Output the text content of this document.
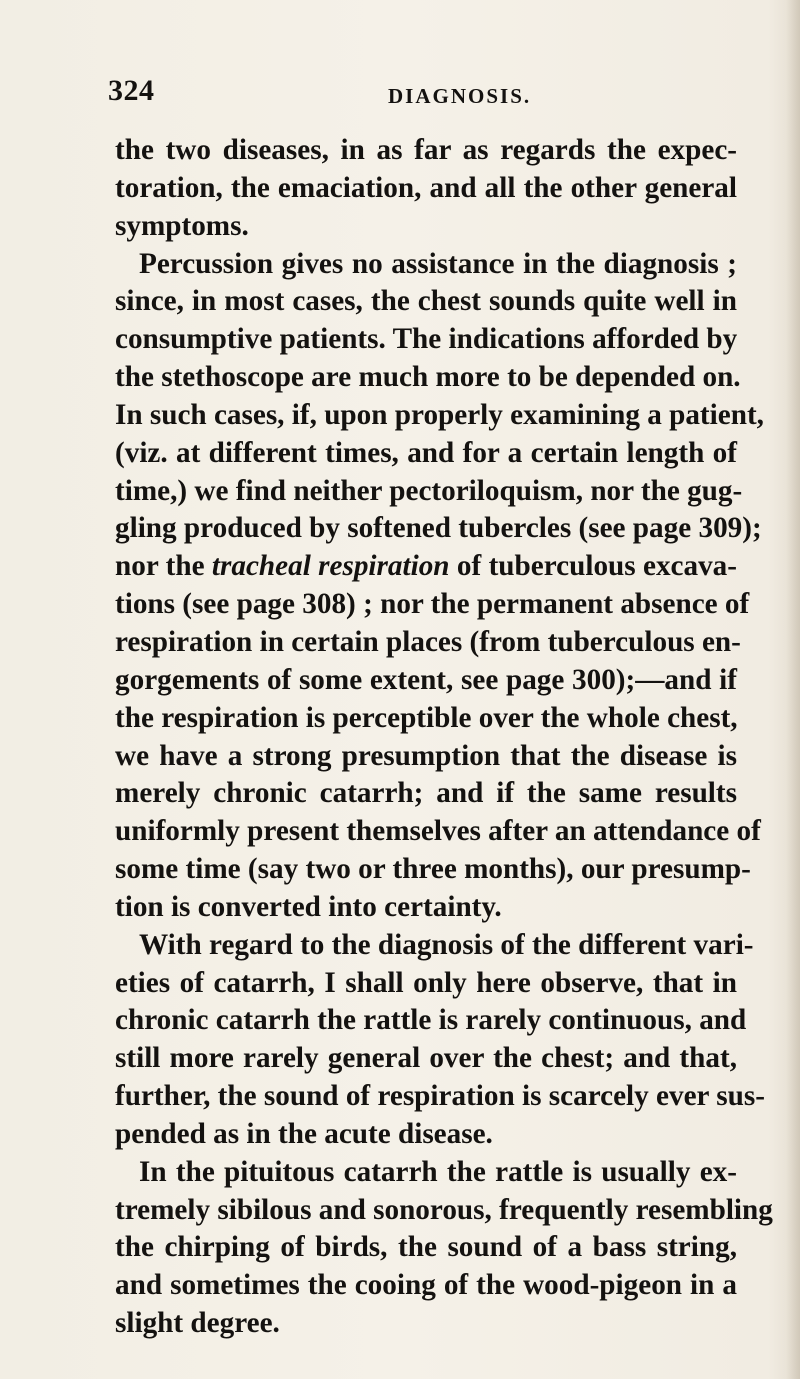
324	DIAGNOSIS.
the two diseases, in as far as regards the expec-
toration, the emaciation, and all the other general
symptoms.
Percussion gives no assistance in the diagnosis ;
since, in most cases, the chest sounds quite well in
consumptive patients. The indications afforded by
the stethoscope are much more to be depended on.
In such cases, if, upon properly examining a patient,
(viz. at different times, and for a certain length of
time,) we find neither pectoriloquism, nor the gug-
gling produced by softened tubercles (see page 309);
nor the tracheal respiration of tuberculous excava-
tions (see page 308) ; nor the permanent absence of
respiration in certain places (from tuberculous en-
gorgements of some extent, see page 300);—and if
the respiration is perceptible over the whole chest,
we have a strong presumption that the disease is
merely chronic catarrh; and if the same results
uniformly present themselves after an attendance of
some time (say two or three months), our presump-
tion is converted into certainty.
With regard to the diagnosis of the different vari-
eties of catarrh, I shall only here observe, that in
chronic catarrh the rattle is rarely continuous, and
still more rarely general over the chest; and that,
further, the sound of respiration is scarcely ever sus-
pended as in the acute disease.
In the pituitous catarrh the rattle is usually ex-
tremely sibilous and sonorous, frequently resembling
the chirping of birds, the sound of a bass string,
and sometimes the cooing of the wood-pigeon in a
slight degree.
